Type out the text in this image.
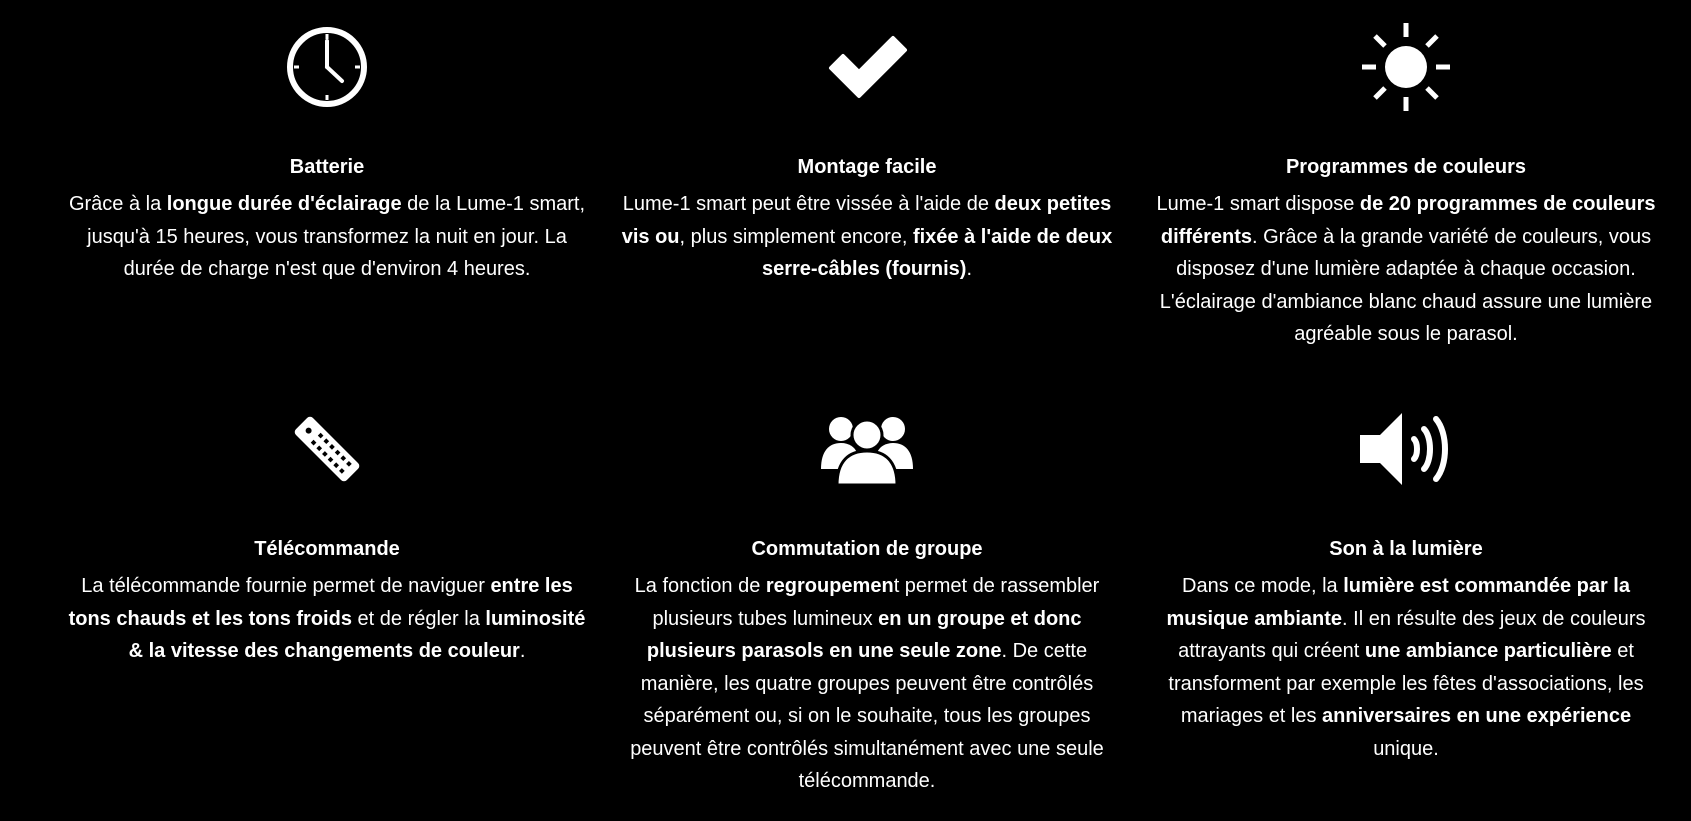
Batterie

Grâce à la longue durée d'éclairage de la Lume-1 smart, jusqu'à 15 heures, vous transformez la nuit en jour. La durée de charge n'est que d'environ 4 heures.

Montage facile

Lume-1 smart peut être vissée à l'aide de deux petites vis ou, plus simplement encore, fixée à l'aide de deux serre-câbles (fournis).

Programmes de couleurs

Lume-1 smart dispose de 20 programmes de couleurs différents. Grâce à la grande variété de couleurs, vous disposez d'une lumière adaptée à chaque occasion. L'éclairage d'ambiance blanc chaud assure une lumière agréable sous le parasol.

Télécommande

La télécommande fournie permet de naviguer entre les tons chauds et les tons froids et de régler la luminosité & la vitesse des changements de couleur.

Commutation de groupe

La fonction de regroupement permet de rassembler plusieurs tubes lumineux en un groupe et donc plusieurs parasols en une seule zone. De cette manière, les quatre groupes peuvent être contrôlés séparément ou, si on le souhaite, tous les groupes peuvent être contrôlés simultanément avec une seule télécommande.

Son à la lumière

Dans ce mode, la lumière est commandée par la musique ambiante. Il en résulte des jeux de couleurs attrayants qui créent une ambiance particulière et transforment par exemple les fêtes d'associations, les mariages et les anniversaires en une expérience unique.
